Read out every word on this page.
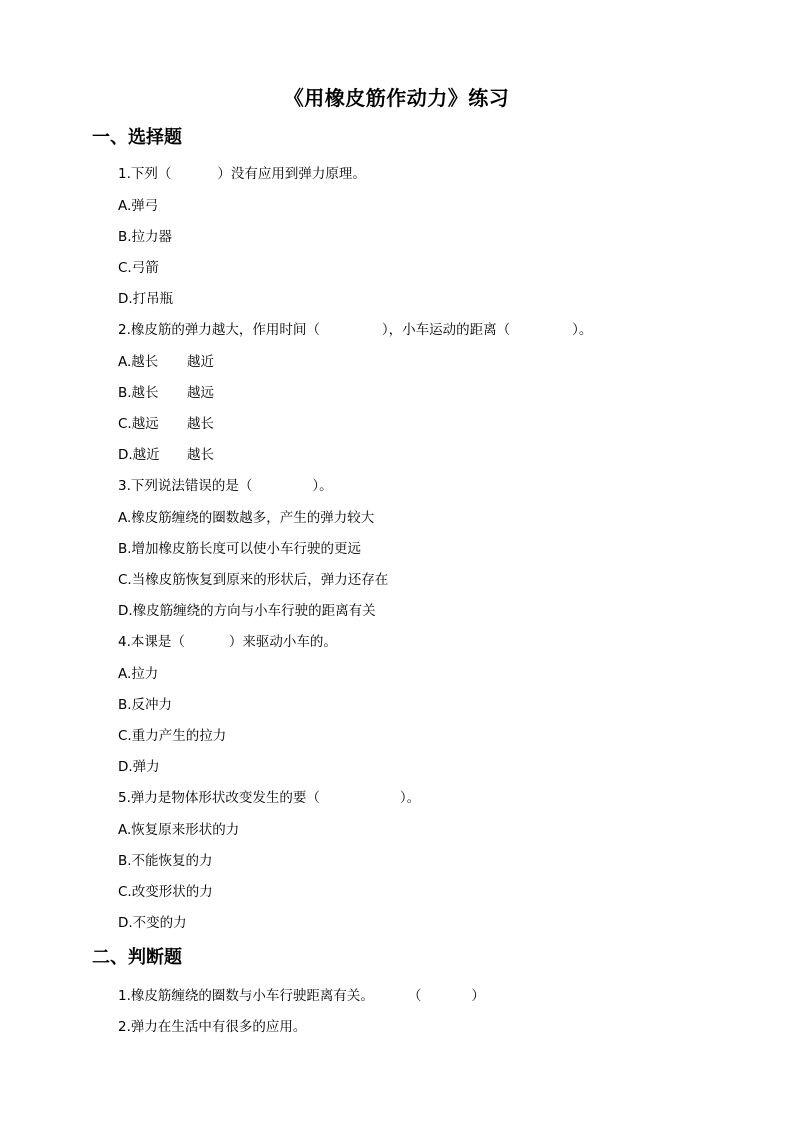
《用橡皮筋作动力》练习
一、选择题
1.下列（	）没有应用到弹力原理。
A.弹弓
B.拉力器
C.弓箭
D.打吊瓶
2.橡皮筋的弹力越大，作用时间（	），小车运动的距离（	）。
A.越长 越近
B.越长 越远
C.越远 越长
D.越近 越长
3.下列说法错误的是（	）。
A.橡皮筋缠绕的圈数越多，产生的弹力较大
B.增加橡皮筋长度可以使小车行驶的更远
C.当橡皮筋恢复到原来的形状后，弹力还存在
D.橡皮筋缠绕的方向与小车行驶的距离有关
4.本课是（	）来驱动小车的。
A.拉力
B.反冲力
C.重力产生的拉力
D.弹力
5.弹力是物体形状改变发生的要（	）。
A.恢复原来形状的力
B.不能恢复的力
C.改变形状的力
D.不变的力
二、判断题
1.橡皮筋缠绕的圈数与小车行驶距离有关。	（	）
2.弹力在生活中有很多的应用。
